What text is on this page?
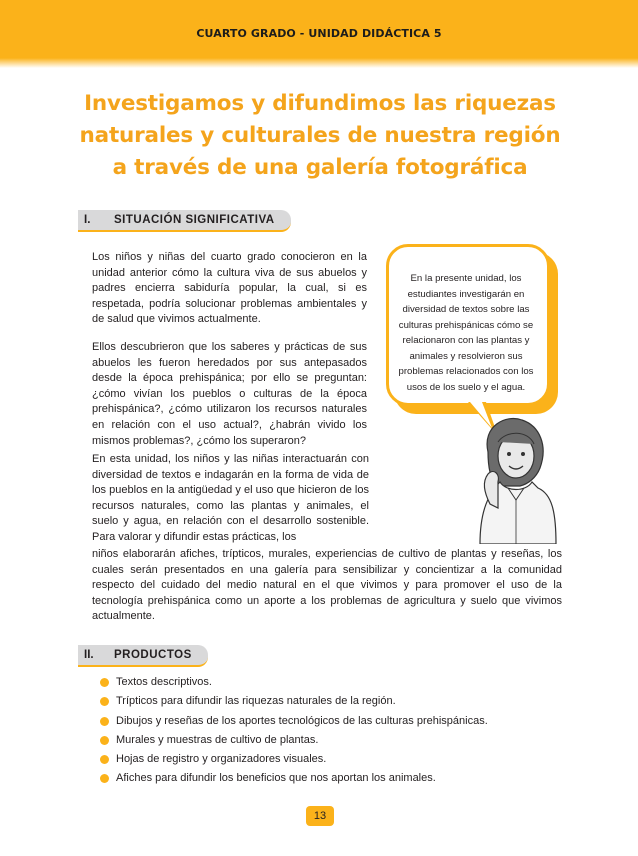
CUARTO GRADO - UNIDAD DIDÁCTICA 5
Investigamos y difundimos las riquezas
naturales y culturales de nuestra región
a través de una galería fotográfica
I. SITUACIÓN SIGNIFICATIVA
Los niños y niñas del cuarto grado conocieron en la unidad anterior cómo la cultura viva de sus abuelos y padres encierra sabiduría popular, la cual, si es respetada, podría solucionar problemas ambientales y de salud que vivimos actualmente.
Ellos descubrieron que los saberes y prácticas de sus abuelos les fueron heredados por sus antepasados desde la época prehispánica; por ello se preguntan: ¿cómo vivían los pueblos o culturas de la época prehispánica?, ¿cómo utilizaron los recursos naturales en relación con el uso actual?, ¿habrán vivido los mismos problemas?, ¿cómo los superaron?
En esta unidad, los niños y las niñas interactuarán con diversidad de textos e indagarán en la forma de vida de los pueblos en la antigüedad y el uso que hicieron de los recursos naturales, como las plantas y animales, el suelo y agua, en relación con el desarrollo sostenible. Para valorar y difundir estas prácticas, los
niños elaborarán afiches, trípticos, murales, experiencias de cultivo de plantas y reseñas, los cuales serán presentados en una galería para sensibilizar y concientizar a la comunidad respecto del cuidado del medio natural en el que vivimos y para promover el uso de la tecnología prehispánica como un aporte a los problemas de agricultura y suelo que vivimos actualmente.
En la presente unidad, los estudiantes investigarán en diversidad de textos sobre las culturas prehispánicas cómo se relacionaron con las plantas y animales y resolvieron sus problemas relacionados con los usos de los suelo y el agua.
II. PRODUCTOS
Textos descriptivos.
Trípticos para difundir las riquezas naturales de la región.
Dibujos y reseñas de los aportes tecnológicos de las culturas prehispánicas.
Murales y muestras de cultivo de plantas.
Hojas de registro y organizadores visuales.
Afiches para difundir los beneficios que nos aportan los animales.
13
